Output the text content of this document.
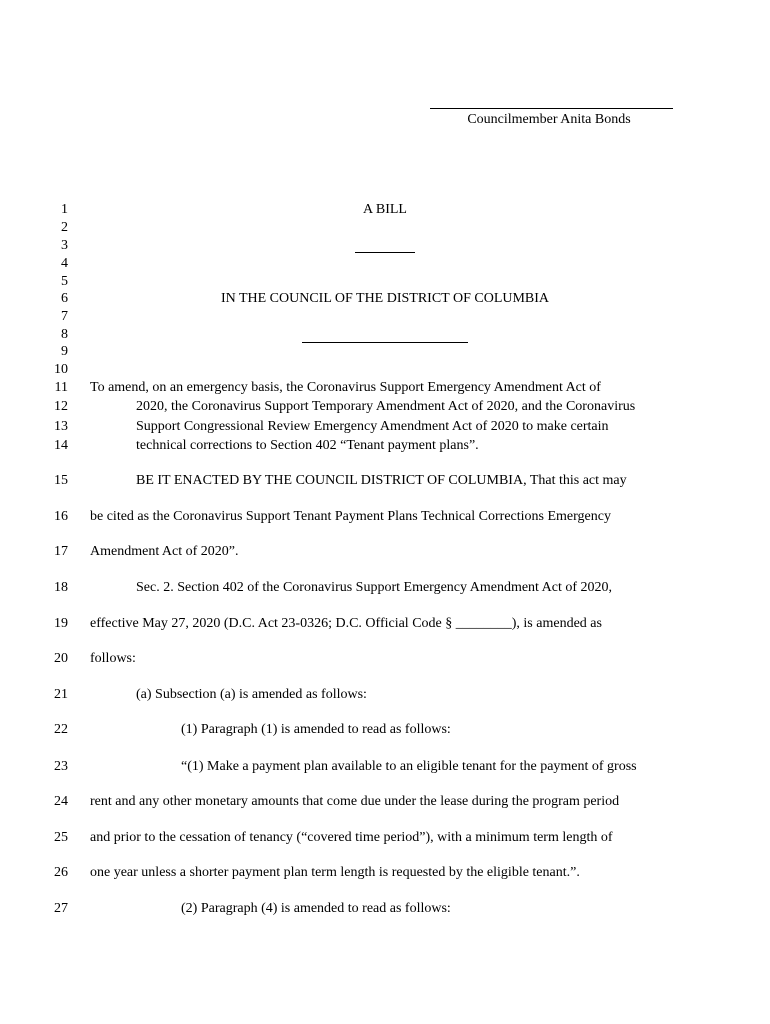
Councilmember Anita Bonds
1
2
3
4
5
6
7
8
9
10
11
12
13
14
15
16
17
18
19
20
21
22
23
24
25
26
27
A BILL
IN THE COUNCIL OF THE DISTRICT OF COLUMBIA
To amend, on an emergency basis, the Coronavirus Support Emergency Amendment Act of
2020, the Coronavirus Support Temporary Amendment Act of 2020, and the Coronavirus
Support Congressional Review Emergency Amendment Act of 2020 to make certain
technical corrections to Section 402 “Tenant payment plans”.
BE IT ENACTED BY THE COUNCIL DISTRICT OF COLUMBIA, That this act may
be cited as the Coronavirus Support Tenant Payment Plans Technical Corrections Emergency
Amendment Act of 2020”.
Sec. 2. Section 402 of the Coronavirus Support Emergency Amendment Act of 2020,
effective May 27, 2020 (D.C. Act 23-0326; D.C. Official Code § ________), is amended as
follows:
(a) Subsection (a) is amended as follows:
(1) Paragraph (1) is amended to read as follows:
“(1) Make a payment plan available to an eligible tenant for the payment of gross
rent and any other monetary amounts that come due under the lease during the program period
and prior to the cessation of tenancy (“covered time period”), with a minimum term length of
one year unless a shorter payment plan term length is requested by the eligible tenant.”.
(2) Paragraph (4) is amended to read as follows:
